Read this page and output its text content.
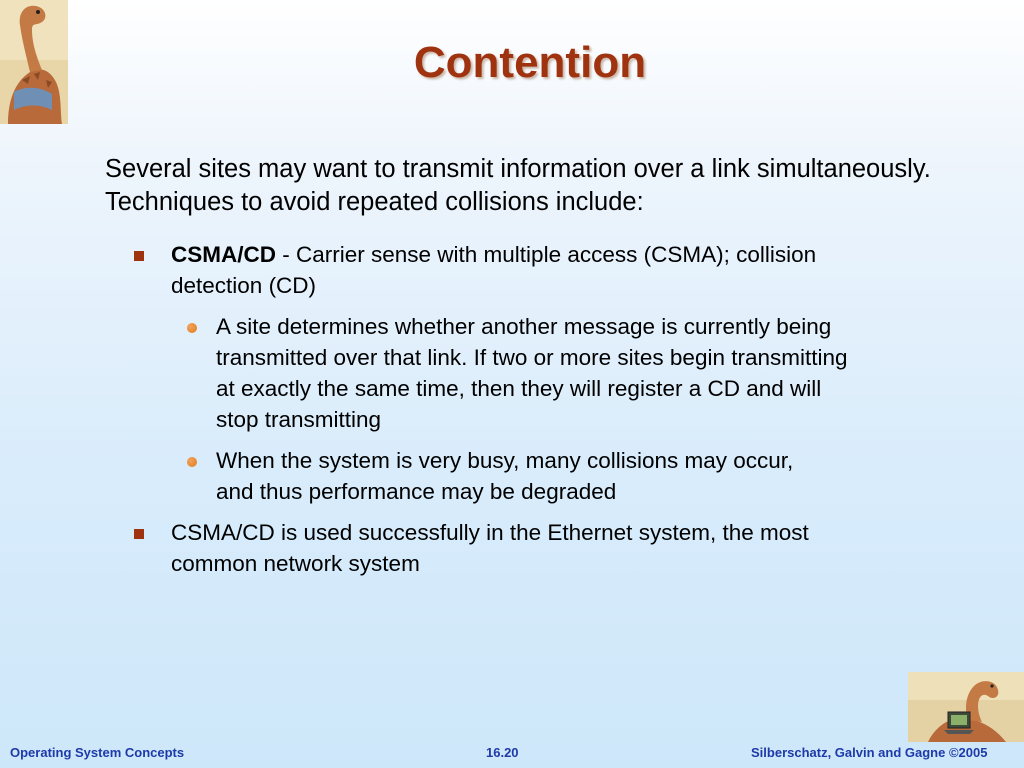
Contention
Several sites may want to transmit information over a link simultaneously. Techniques to avoid repeated collisions include:
CSMA/CD - Carrier sense with multiple access (CSMA); collision detection (CD)
A site determines whether another message is currently being transmitted over that link. If two or more sites begin transmitting at exactly the same time, then they will register a CD and will stop transmitting
When the system is very busy, many collisions may occur, and thus performance may be degraded
CSMA/CD is used successfully in the Ethernet system, the most common network system
Operating System Concepts	16.20	Silberschatz, Galvin and Gagne ©2005
